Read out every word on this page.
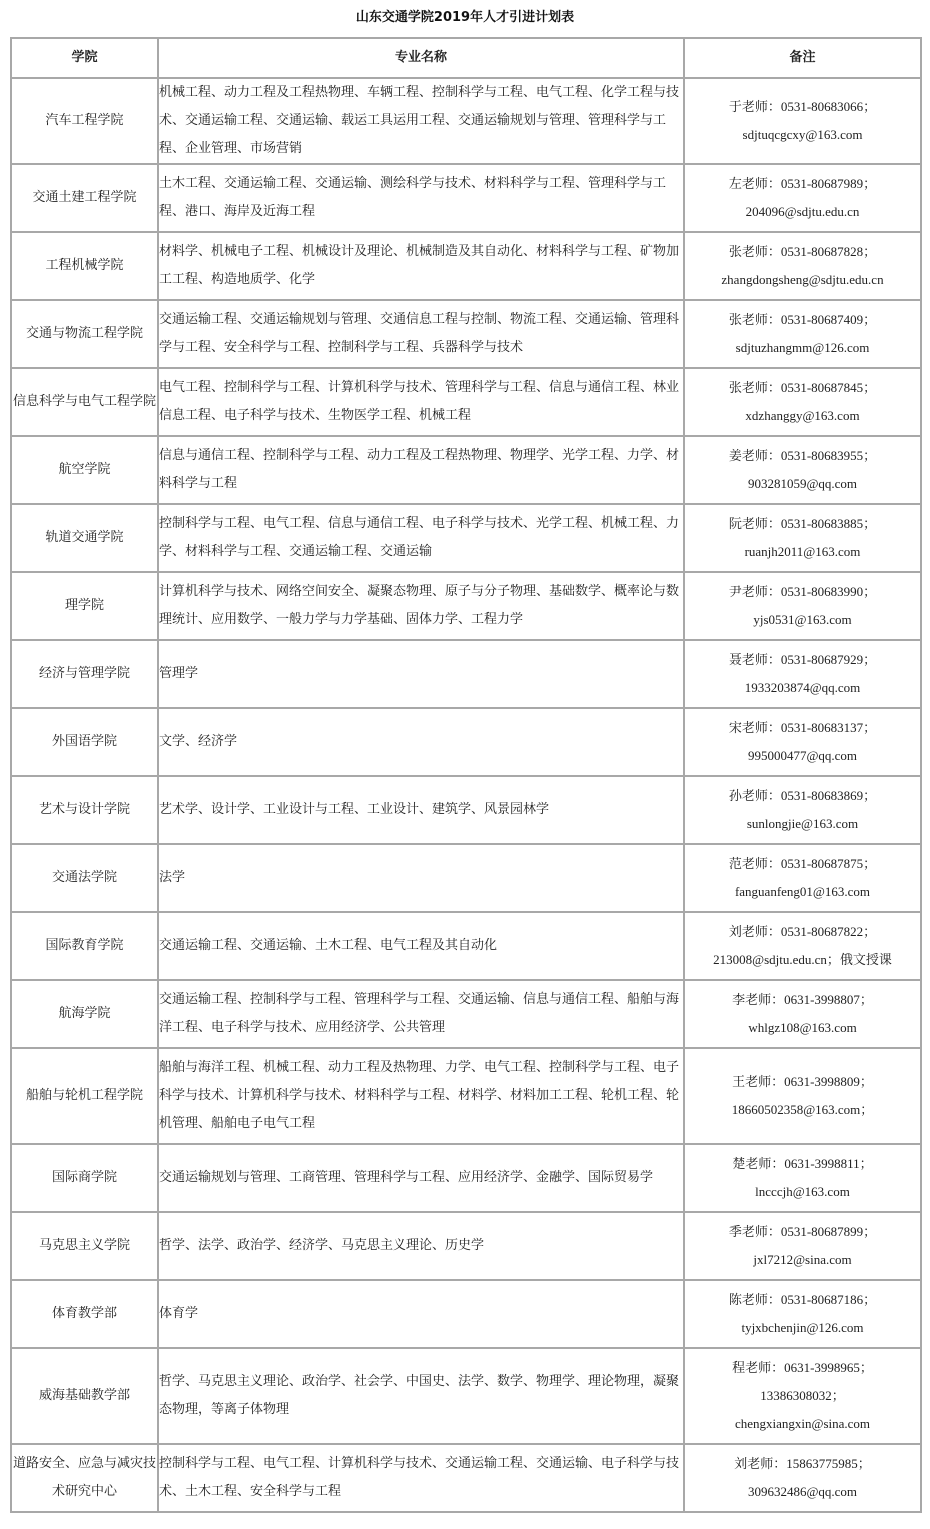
山东交通学院2019年人才引进计划表
学院	专业名称	备注
汽车工程学院	机械工程、动力工程及工程热物理、车辆工程、控制科学与工程、电气工程、化学工程与技术、交通运输工程、交通运输、载运工具运用工程、交通运输规划与管理、管理科学与工程、企业管理、市场营销	于老师：0531-80683066；
sdjtuqcgcxy@163.com

交通土建工程学院	土木工程、交通运输工程、交通运输、测绘科学与技术、材料科学与工程、管理科学与工程、港口、海岸及近海工程	左老师：0531-80687989；
204096@sdjtu.edu.cn

工程机械学院	材料学、机械电子工程、机械设计及理论、机械制造及其自动化、材料科学与工程、矿物加工工程、构造地质学、化学	张老师：0531-80687828；
zhangdongsheng@sdjtu.edu.cn

交通与物流工程学院	交通运输工程、交通运输规划与管理、交通信息工程与控制、物流工程、交通运输、管理科学与工程、安全科学与工程、控制科学与工程、兵器科学与技术	张老师：0531-80687409；
sdjtuzhangmm@126.com

信息科学与电气工程学院	电气工程、控制科学与工程、计算机科学与技术、管理科学与工程、信息与通信工程、林业信息工程、电子科学与技术、生物医学工程、机械工程	张老师：0531-80687845；
xdzhanggy@163.com

航空学院	信息与通信工程、控制科学与工程、动力工程及工程热物理、物理学、光学工程、力学、材料科学与工程	姜老师：0531-80683955；
903281059@qq.com

轨道交通学院	控制科学与工程、电气工程、信息与通信工程、电子科学与技术、光学工程、机械工程、力学、材料科学与工程、交通运输工程、交通运输	阮老师：0531-80683885；
ruanjh2011@163.com

理学院	计算机科学与技术、网络空间安全、凝聚态物理、原子与分子物理、基础数学、概率论与数理统计、应用数学、一般力学与力学基础、固体力学、工程力学	尹老师：0531-80683990；
yjs0531@163.com

经济与管理学院	管理学	聂老师：0531-80687929；
1933203874@qq.com

外国语学院	文学、经济学	宋老师：0531-80683137；
995000477@qq.com

艺术与设计学院	艺术学、设计学、工业设计与工程、工业设计、建筑学、风景园林学	孙老师：0531-80683869；
sunlongjie@163.com

交通法学院	法学	范老师：0531-80687875；
fanguanfeng01@163.com

国际教育学院	交通运输工程、交通运输、土木工程、电气工程及其自动化	刘老师：0531-80687822；
213008@sdjtu.edu.cn；俄文授课

航海学院	交通运输工程、控制科学与工程、管理科学与工程、交通运输、信息与通信工程、船舶与海洋工程、电子科学与技术、应用经济学、公共管理	李老师：0631-3998807；
whlgz108@163.com

船舶与轮机工程学院	船舶与海洋工程、机械工程、动力工程及热物理、力学、电气工程、控制科学与工程、电子科学与技术、计算机科学与技术、材料科学与工程、材料学、材料加工工程、轮机工程、轮机管理、船舶电子电气工程	王老师：0631-3998809；
18660502358@163.com；

国际商学院	交通运输规划与管理、工商管理、管理科学与工程、应用经济学、金融学、国际贸易学	楚老师：0631-3998811；
lncccjh@163.com

马克思主义学院	哲学、法学、政治学、经济学、马克思主义理论、历史学	季老师：0531-80687899；
jxl7212@sina.com

体育教学部	体育学	陈老师：0531-80687186；
tyjxbchenjin@126.com

威海基础教学部	哲学、马克思主义理论、政治学、社会学、中国史、法学、数学、物理学、理论物理，凝聚态物理，等离子体物理	程老师：0631-3998965；
13386308032；
chengxiangxin@sina.com

道路安全、应急与减灾技术研究中心	控制科学与工程、电气工程、计算机科学与技术、交通运输工程、交通运输、电子科学与技术、土木工程、安全科学与工程	刘老师：15863775985；
309632486@qq.com
